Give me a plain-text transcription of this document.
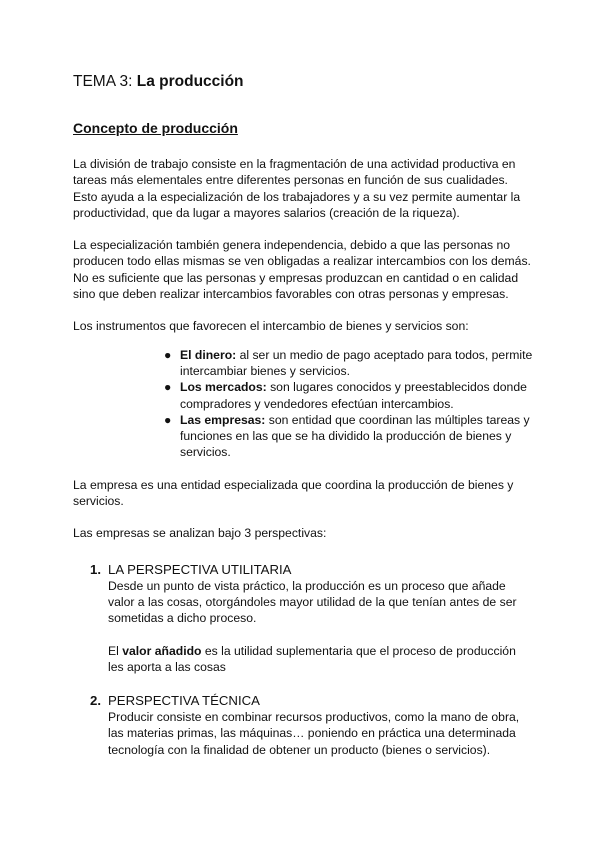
TEMA 3: La producción
Concepto de producción

La división de trabajo consiste en la fragmentación de una actividad productiva en tareas más elementales entre diferentes personas en función de sus cualidades. Esto ayuda a la especialización de los trabajadores y a su vez permite aumentar la productividad, que da lugar a mayores salarios (creación de la riqueza).

La especialización también genera independencia, debido a que las personas no producen todo ellas mismas se ven obligadas a realizar intercambios con los demás. No es suficiente que las personas y empresas produzcan en cantidad o en calidad sino que deben realizar intercambios favorables con otras personas y empresas.

Los instrumentos que favorecen el intercambio de bienes y servicios son:

● El dinero: al ser un medio de pago aceptado para todos, permite intercambiar bienes y servicios.
● Los mercados: son lugares conocidos y preestablecidos donde compradores y vendedores efectúan intercambios.
● Las empresas: son entidad que coordinan las múltiples tareas y funciones en las que se ha dividido la producción de bienes y servicios.

La empresa es una entidad especializada que coordina la producción de bienes y servicios.

Las empresas se analizan bajo 3 perspectivas:

1. LA PERSPECTIVA UTILITARIA

Desde un punto de vista práctico, la producción es un proceso que añade valor a las cosas, otorgándoles mayor utilidad de la que tenían antes de ser sometidas a dicho proceso.

El valor añadido es la utilidad suplementaria que el proceso de producción les aporta a las cosas

2. PERSPECTIVA TÉCNICA

Producir consiste en combinar recursos productivos, como la mano de obra, las materias primas, las máquinas… poniendo en práctica una determinada tecnología con la finalidad de obtener un producto (bienes o servicios).
